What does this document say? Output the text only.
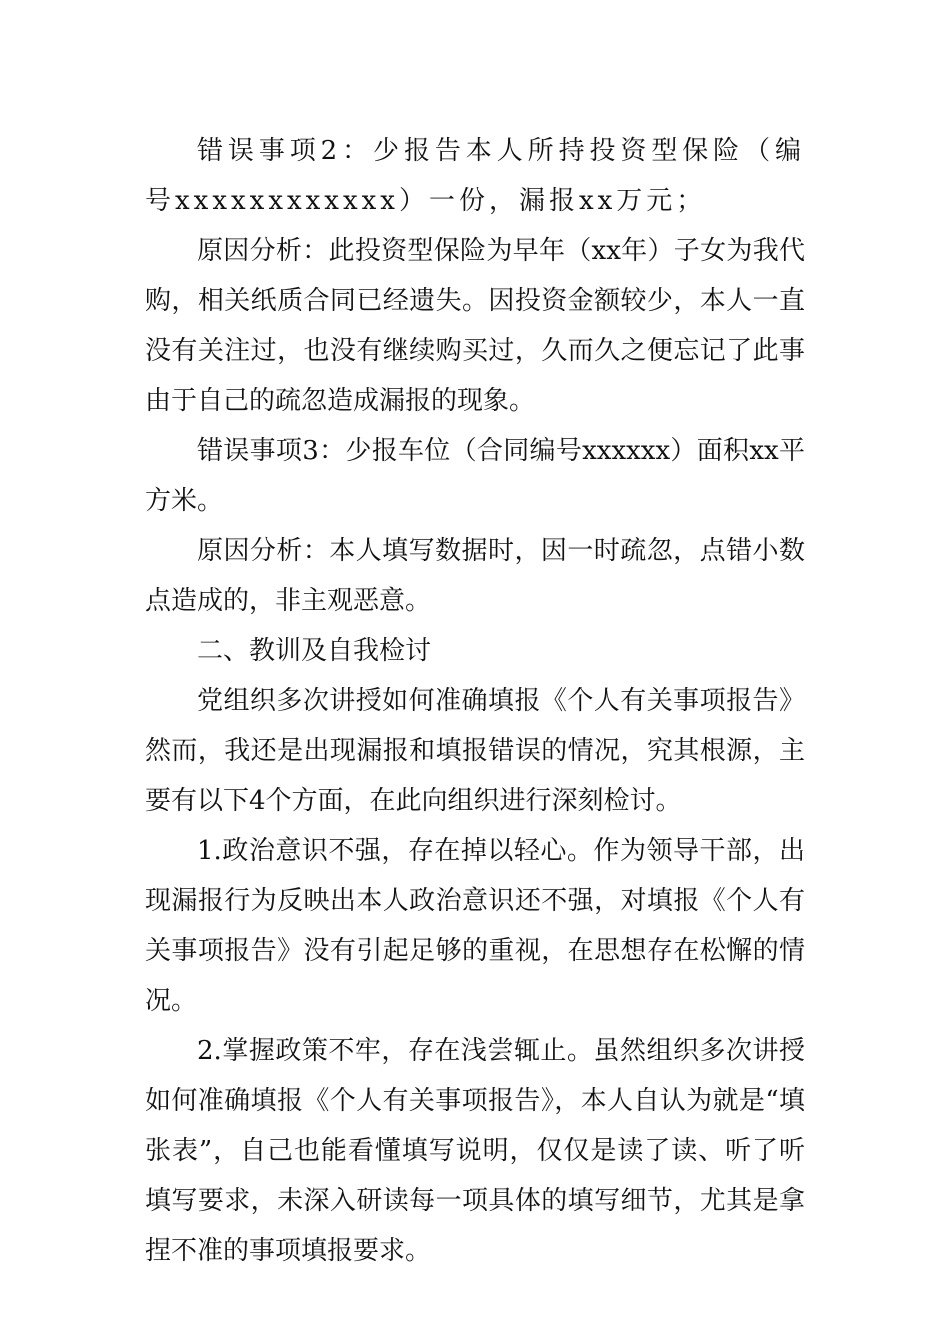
错误事项2：少报告本人所持投资型保险（编号xxxxxxxxxxxx）一份，漏报xx万元；

原因分析：此投资型保险为早年（xx年）子女为我代购，相关纸质合同已经遗失。因投资金额较少，本人一直没有关注过，也没有继续购买过，久而久之便忘记了此事由于自己的疏忽造成漏报的现象。

错误事项3：少报车位（合同编号xxxxxx）面积xx平方米。

原因分析：本人填写数据时，因一时疏忽，点错小数点造成的，非主观恶意。

二、教训及自我检讨

党组织多次讲授如何准确填报《个人有关事项报告》然而，我还是出现漏报和填报错误的情况，究其根源，主要有以下4个方面，在此向组织进行深刻检讨。

1.政治意识不强，存在掉以轻心。作为领导干部，出现漏报行为反映出本人政治意识还不强，对填报《个人有关事项报告》没有引起足够的重视，在思想存在松懈的情况。

2.掌握政策不牢，存在浅尝辄止。虽然组织多次讲授如何准确填报《个人有关事项报告》，本人自认为就是“填张表”，自己也能看懂填写说明，仅仅是读了读、听了听填写要求，未深入研读每一项具体的填写细节，尤其是拿捏不准的事项填报要求。
